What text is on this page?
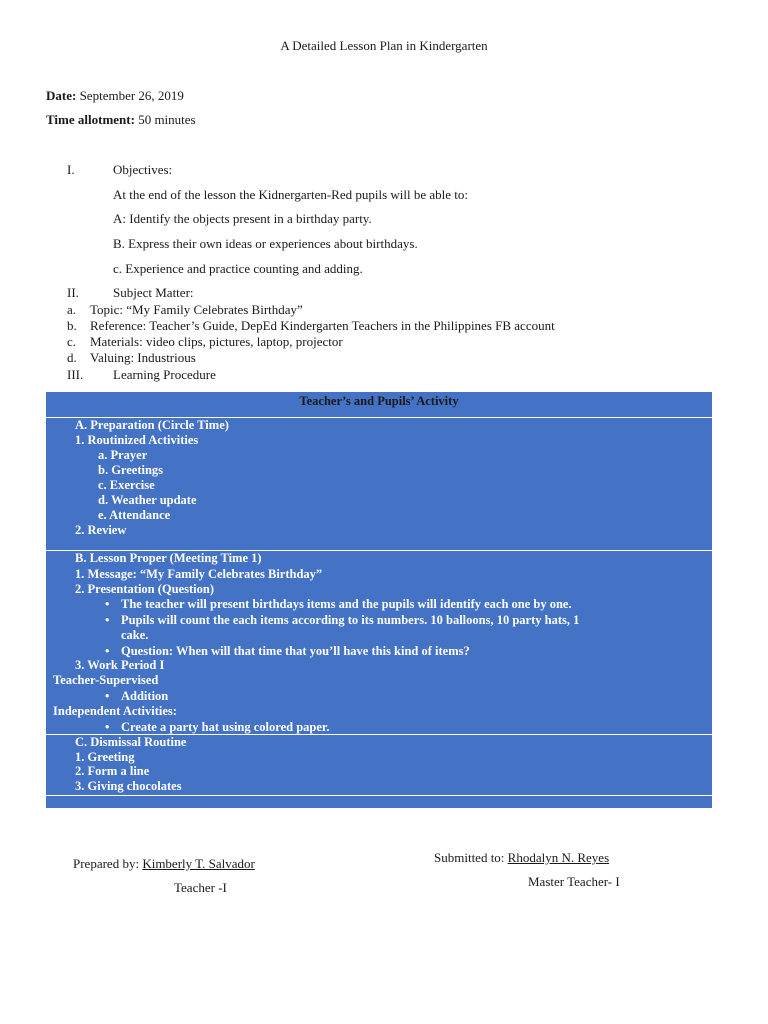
A Detailed Lesson Plan in Kindergarten
Date: September 26, 2019
Time allotment: 50 minutes
I.	Objectives:
At the end of the lesson the Kidnergarten-Red pupils will be able to:
A: Identify the objects present in a birthday party.
B. Express their own ideas or experiences about birthdays.
c. Experience and practice counting and adding.
II.	Subject Matter:
a. Topic: “My Family Celebrates Birthday”
b. Reference: Teacher’s Guide, DepEd Kindergarten Teachers in the Philippines FB account
c. Materials: video clips, pictures, laptop, projector
d. Valuing: Industrious
III. Learning Procedure
Teacher’s and Pupils’ Activity
A. Preparation (Circle Time)
1. Routinized Activities
a. Prayer
b. Greetings
c. Exercise
d. Weather update
e. Attendance
2. Review
B. Lesson Proper (Meeting Time 1)
1. Message: “My Family Celebrates Birthday”
2. Presentation (Question)
• The teacher will present birthdays items and the pupils will identify each one by one.
• Pupils will count the each items according to its numbers. 10 balloons, 10 party hats, 1
cake.
• Question: When will that time that you’ll have this kind of items?
3. Work Period I
Teacher-Supervised
• Addition
Independent Activities:
• Create a party hat using colored paper.
C. Dismissal Routine
1. Greeting
2. Form a line
3. Giving chocolates
Prepared by: Kimberly T. Salvador
Teacher -I
Submitted to: Rhodalyn N. Reyes
Master Teacher- I
